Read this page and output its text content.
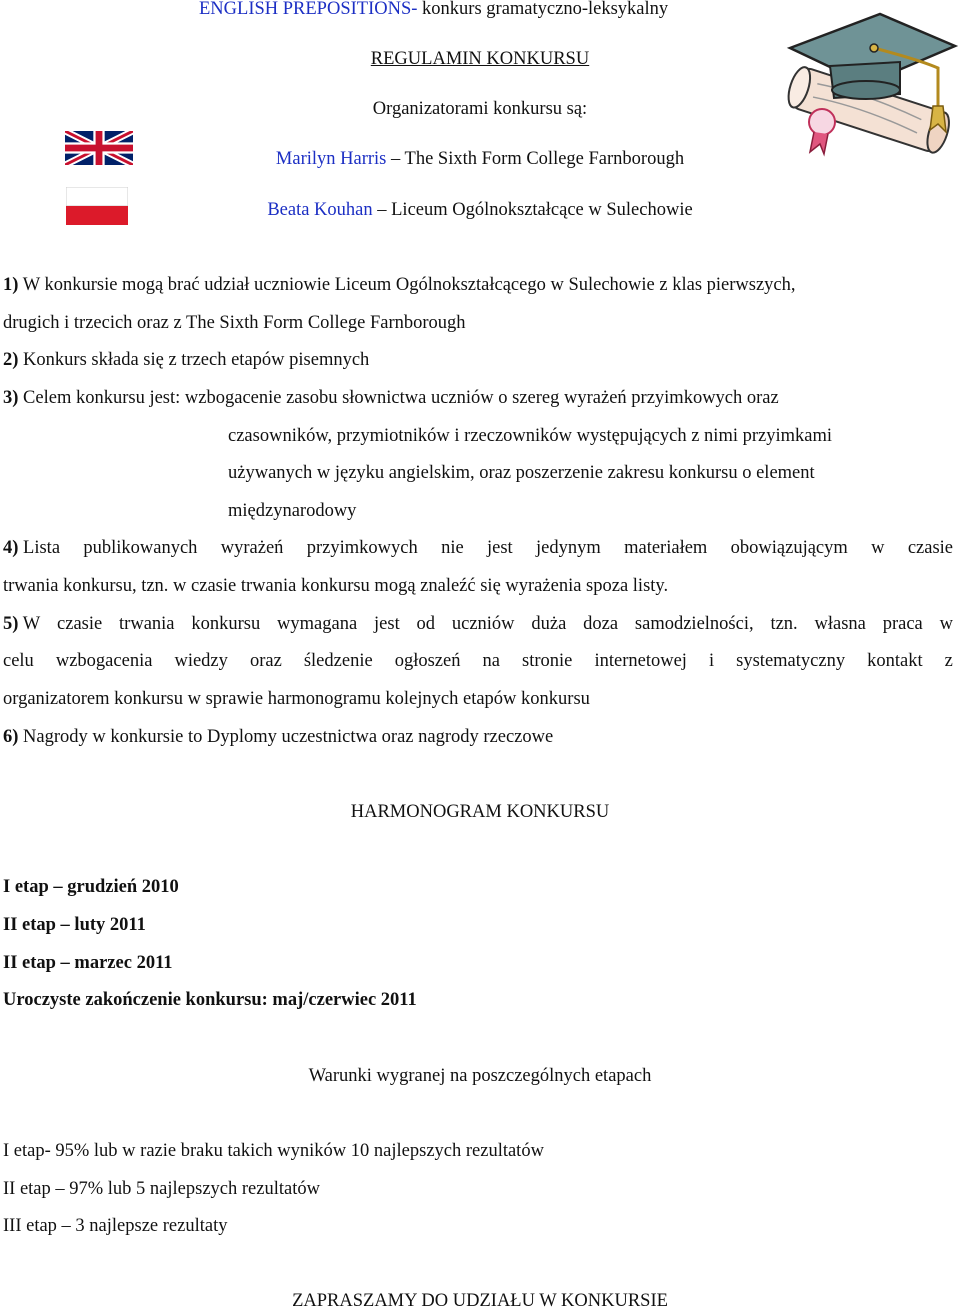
ENGLISH PREPOSITIONS- konkurs gramatyczno-leksykalny
REGULAMIN KONKURSU
Organizatorami konkursu są:
Marilyn Harris – The Sixth Form College Farnborough
Beata Kouhan – Liceum Ogólnokształcące w Sulechowie
1) W konkursie mogą brać udział uczniowie Liceum Ogólnokształcącego w Sulechowie z klas pierwszych,
drugich i trzecich oraz z The Sixth Form College Farnborough
2) Konkurs składa się z trzech etapów pisemnych
3) Celem konkursu jest: wzbogacenie zasobu słownictwa uczniów o szereg wyrażeń przyimkowych oraz
czasowników, przymiotników i rzeczowników występujących z nimi przyimkami
używanych w języku angielskim, oraz poszerzenie zakresu konkursu o element
międzynarodowy
4) Lista publikowanych wyrażeń przyimkowych nie jest jedynym materiałem obowiązującym w czasie
trwania konkursu, tzn. w czasie trwania konkursu mogą znaleźć się wyrażenia spoza listy.
5) W czasie trwania konkursu wymagana jest od uczniów duża doza samodzielności, tzn. własna praca w
celu wzbogacenia wiedzy oraz śledzenie ogłoszeń na stronie internetowej i systematyczny kontakt z
organizatorem konkursu w sprawie harmonogramu kolejnych etapów konkursu
6) Nagrody w konkursie to Dyplomy uczestnictwa oraz nagrody rzeczowe
HARMONOGRAM KONKURSU
I etap – grudzień 2010
II etap – luty 2011
II etap – marzec 2011
Uroczyste zakończenie konkursu: maj/czerwiec 2011
Warunki wygranej na poszczególnych etapach
I etap- 95% lub w razie braku takich wyników 10 najlepszych rezultatów
II etap – 97% lub 5 najlepszych rezultatów
III etap – 3 najlepsze rezultaty
ZAPRASZAMY DO UDZIAŁU W KONKURSIE
